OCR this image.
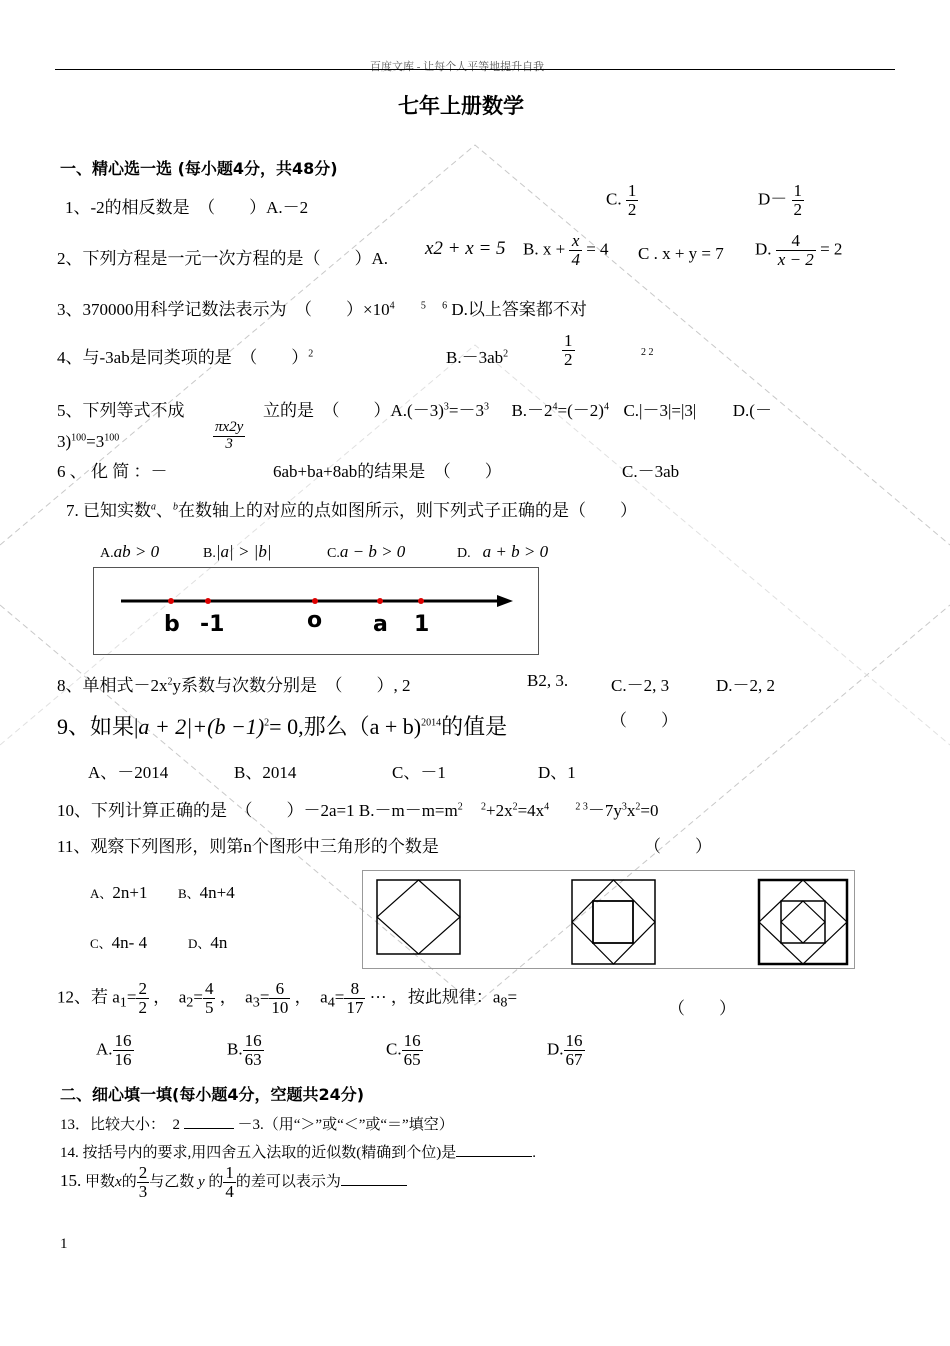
百度文库 - 让每个人平等地提升自我
七年上册数学
一、精心选一选 (每小题4分，共48分)
1、-2的相反数是　（　　）A.－2	C. $\frac{1}{2}$	$D- \frac{1}{2}$
2、下列方程是一元一次方程的是（　　）A. x2 + x = 5 B. $x + \frac{x}{4} = 4$ C . x + y = 7 D. $\frac{4}{x - 2} = 2$
3、370000用科学记数法表示为　（　　）$\times 10^4$	$^5$ $^6$ D.以上答案都不对
4、与-3ab是同类项的是　（　　）$^2$	$B.-3ab^2$	$\frac{1}{2}$	2 2
5、下列等式不成	立的是　（　　）$A.(-3)^3=-3^3$ $B.-2^4=(-2)^4$ C.|－3|=|3| D.(－
$3)^{100}=3^{100}$
6 、 化 简 ：－
$\frac{\pi x2y}{3}$
6ab+ba+8ab的结果是　（　　）	C.－3ab
7. 已知实数$^a$、$^b$在数轴上的对应的点如图所示，则下列式子正确的是（　　）
A.ab > 0	B.|a| > |b|	C.a − b > 0	D. a + b > 0
b -1	o a 1
8、单相式$-2x^2y$系数与次数分别是　（　　）, 2	B2, 3.	C.－2, 3	D.－2, 2
9、如果$|a + 2|+(b -1)^2= 0$,那么（a + b)$^{2014}$的值是	（　　）
A、－2014	B、2014	C、－1	D、1
10、下列计算正确的是　（　　）－2a=1 $B.-m-m=m^2$ $^2+2x^2=4x^4$	$^{2 3}-7y^3x^2=0$
11、观察下列图形，则第n个图形中三角形的个数是	（　　）
A、2n+1 B、4n+4
C、4n- 4	D、4n
12、若 $a_1= \frac{2}{2}$ ，　$a_2= \frac{4}{5}$ ，　$a_3= \frac{6}{10}$ ，　$a_4= \frac{8}{17}$ ··· ，按此规律：$a_8=$
（　　）
A. $\frac{16}{16}$	B. $\frac{16}{63}$	C. $\frac{16}{65}$	D. $\frac{16}{67}$
二、细心填一填(每小题4分，空题共24分)
13．比较大小：　2	－3.（用“＞”或“＜”或“＝”填空）
14. 按括号内的要求,用四舍五入法取的近似数(精确到个位)是	.
15. 甲数x的 $\frac{2}{3}$ 与乙数 y 的 $\frac{1}{4}$ 的差可以表示为
1
